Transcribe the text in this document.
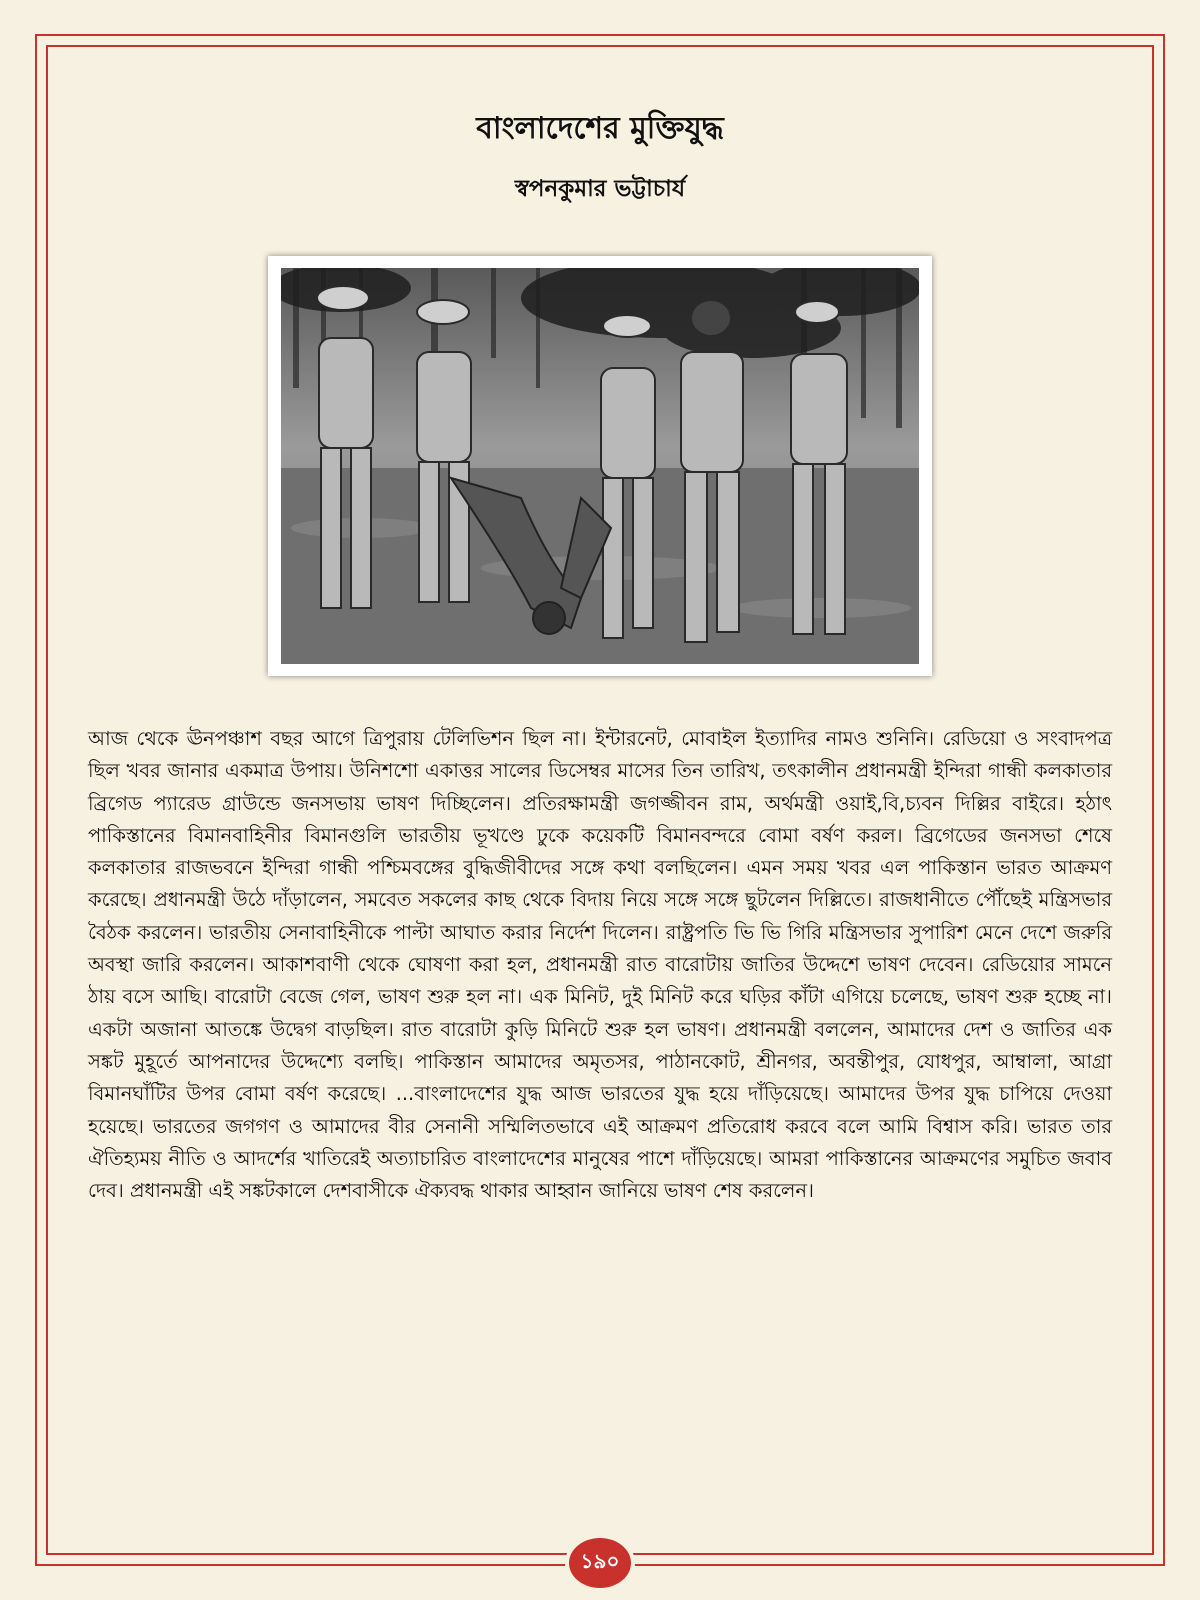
বাংলাদেশের মুক্তিযুদ্ধ
স্বপনকুমার ভট্টাচার্য

আজ থেকে ঊনপঞ্চাশ বছর আগে ত্রিপুরায় টেলিভিশন ছিল না। ইন্টারনেট, মোবাইল ইত্যাদির নামও শুনিনি। রেডিয়ো ও সংবাদপত্র ছিল খবর জানার একমাত্র উপায়। উনিশশো একাত্তর সালের ডিসেম্বর মাসের তিন তারিখ, তৎকালীন প্রধানমন্ত্রী ইন্দিরা গান্ধী কলকাতার ব্রিগেড প্যারেড গ্রাউন্ডে জনসভায় ভাষণ দিচ্ছিলেন। প্রতিরক্ষামন্ত্রী জগজ্জীবন রাম, অর্থমন্ত্রী ওয়াই,বি,চ্যবন দিল্লির বাইরে। হঠাৎ পাকিস্তানের বিমানবাহিনীর বিমানগুলি ভারতীয় ভূখণ্ডে ঢুকে কয়েকটি বিমানবন্দরে বোমা বর্ষণ করল। ব্রিগেডের জনসভা শেষে কলকাতার রাজভবনে ইন্দিরা গান্ধী পশ্চিমবঙ্গের বুদ্ধিজীবীদের সঙ্গে কথা বলছিলেন। এমন সময় খবর এল পাকিস্তান ভারত আক্রমণ করেছে। প্রধানমন্ত্রী উঠে দাঁড়ালেন, সমবেত সকলের কাছ থেকে বিদায় নিয়ে সঙ্গে সঙ্গে ছুটলেন দিল্লিতে। রাজধানীতে পৌঁছেই মন্ত্রিসভার বৈঠক করলেন। ভারতীয় সেনাবাহিনীকে পাল্টা আঘাত করার নির্দেশ দিলেন। রাষ্ট্রপতি ভি ভি গিরি মন্ত্রিসভার সুপারিশ মেনে দেশে জরুরি অবস্থা জারি করলেন। আকাশবাণী থেকে ঘোষণা করা হল, প্রধানমন্ত্রী রাত বারোটায় জাতির উদ্দেশে ভাষণ দেবেন। রেডিয়োর সামনে ঠায় বসে আছি। বারোটা বেজে গেল, ভাষণ শুরু হল না। এক মিনিট, দুই মিনিট করে ঘড়ির কাঁটা এগিয়ে চলেছে, ভাষণ শুরু হচ্ছে না। একটা অজানা আতঙ্কে উদ্বেগ বাড়ছিল। রাত বারোটা কুড়ি মিনিটে শুরু হল ভাষণ। প্রধানমন্ত্রী বললেন, আমাদের দেশ ও জাতির এক সঙ্কট মুহূর্তে আপনাদের উদ্দেশ্যে বলছি। পাকিস্তান আমাদের অমৃতসর, পাঠানকোট, শ্রীনগর, অবন্তীপুর, যোধপুর, আম্বালা, আগ্রা বিমানঘাঁটির উপর বোমা বর্ষণ করেছে। ...বাংলাদেশের যুদ্ধ আজ ভারতের যুদ্ধ হয়ে দাঁড়িয়েছে। আমাদের উপর যুদ্ধ চাপিয়ে দেওয়া হয়েছে। ভারতের জগগণ ও আমাদের বীর সেনানী সম্মিলিতভাবে এই আক্রমণ প্রতিরোধ করবে বলে আমি বিশ্বাস করি। ভারত তার ঐতিহ্যময় নীতি ও আদর্শের খাতিরেই অত্যাচারিত বাংলাদেশের মানুষের পাশে দাঁড়িয়েছে। আমরা পাকিস্তানের আক্রমণের সমুচিত জবাব দেব। প্রধানমন্ত্রী এই সঙ্কটকালে দেশবাসীকে ঐক্যবদ্ধ থাকার আহ্বান জানিয়ে ভাষণ শেষ করলেন।

১৯০
